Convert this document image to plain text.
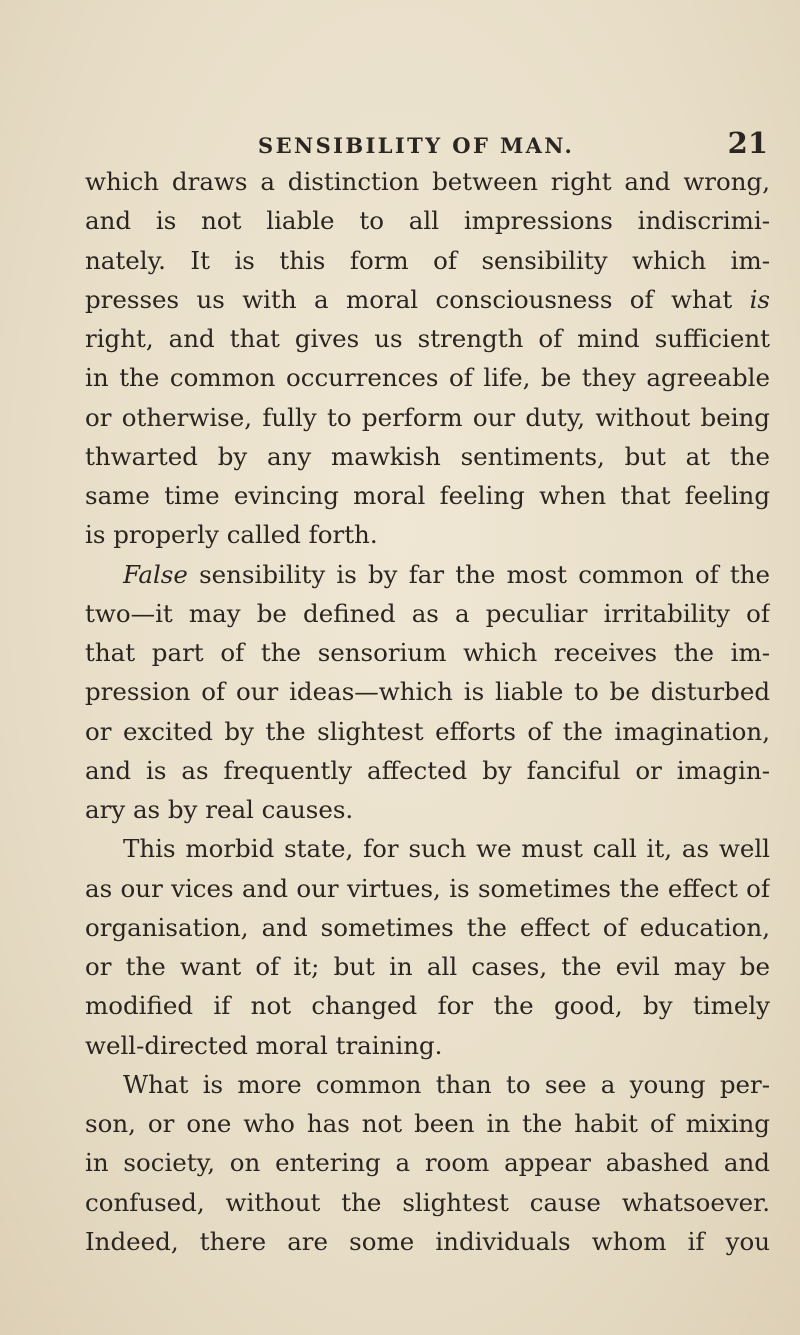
SENSIBILITY OF MAN.	21
which draws a distinction between right and wrong,
and is not liable to all impressions indiscrimi-
nately. It is this form of sensibility which im-
presses us with a moral consciousness of what is
right, and that gives us strength of mind sufficient
in the common occurrences of life, be they agreeable
or otherwise, fully to perform our duty, without being
thwarted by any mawkish sentiments, but at the
same time evincing moral feeling when that feeling
is properly called forth.
False sensibility is by far the most common of the
two—it may be defined as a peculiar irritability of
that part of the sensorium which receives the im-
pression of our ideas—which is liable to be disturbed
or excited by the slightest efforts of the imagination,
and is as frequently affected by fanciful or imagin-
ary as by real causes.
This morbid state, for such we must call it, as well
as our vices and our virtues, is sometimes the effect of
organisation, and sometimes the effect of education,
or the want of it; but in all cases, the evil may be
modified if not changed for the good, by timely
well-directed moral training.
What is more common than to see a young per-
son, or one who has not been in the habit of mixing
in society, on entering a room appear abashed and
confused, without the slightest cause whatsoever.
Indeed, there are some individuals whom if you
